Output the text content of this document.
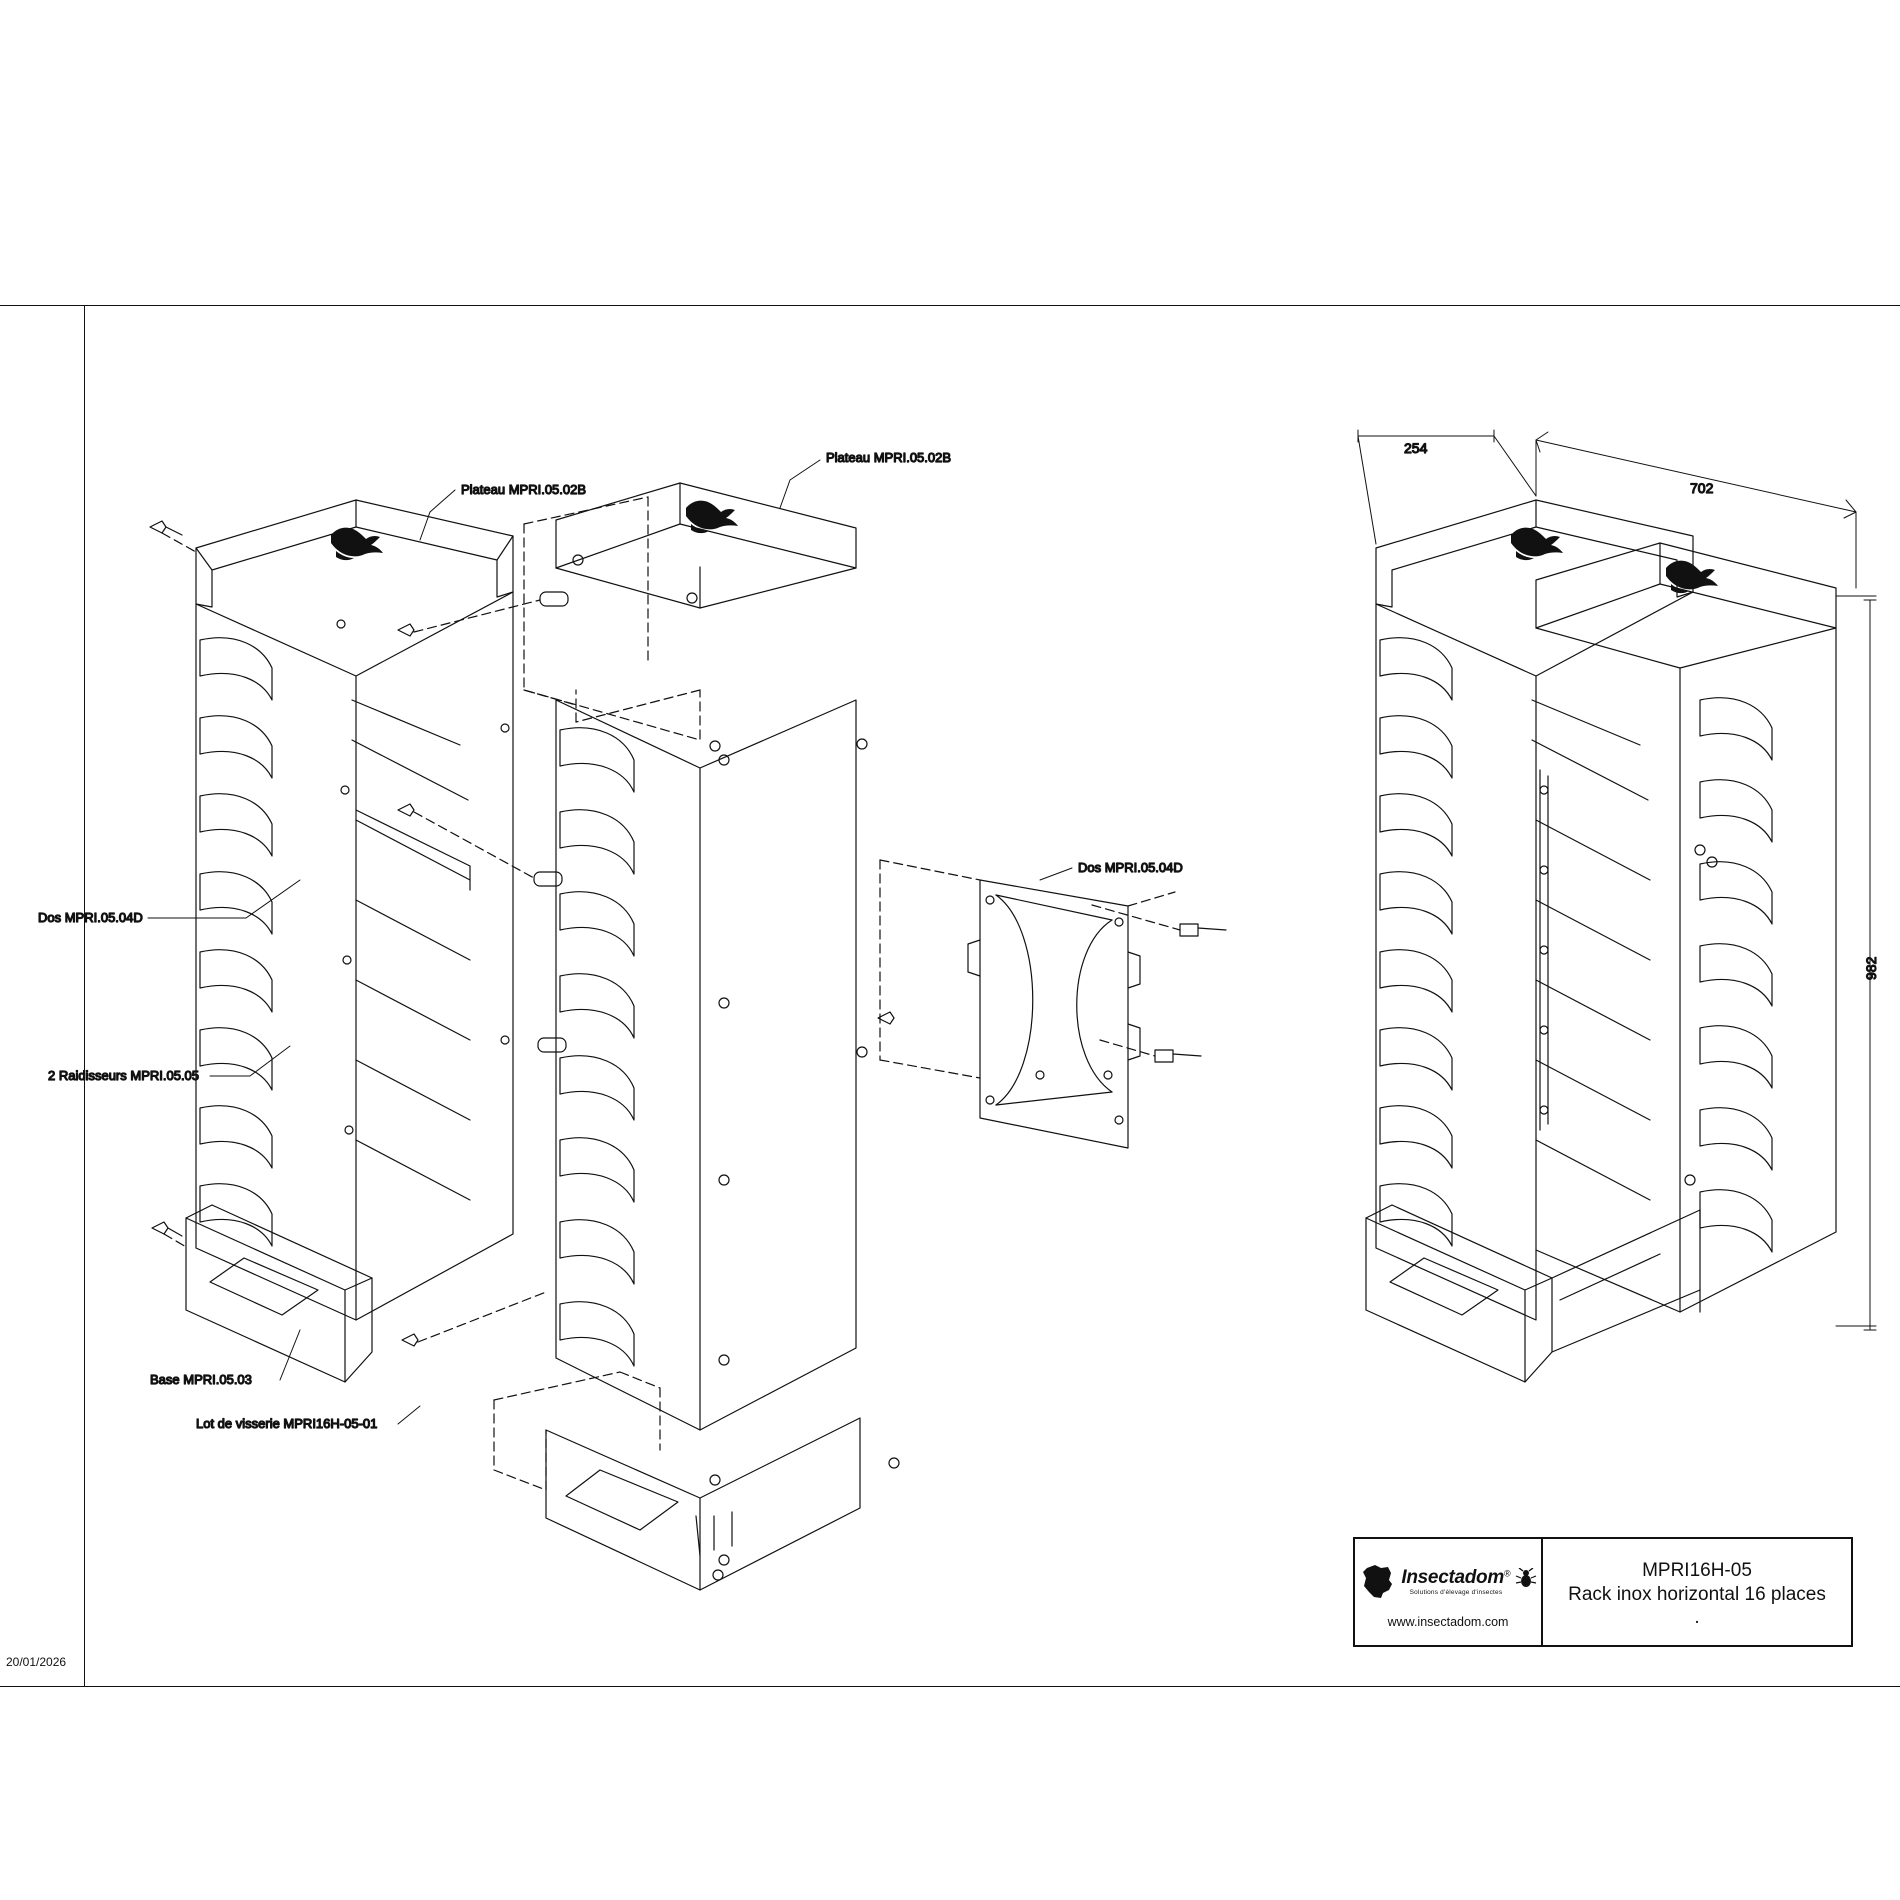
20/01/2026
Plateau MPRI.05.02B
Plateau MPRI.05.02B
Dos MPRI.05.04D
Dos MPRI.05.04D
2 Raidisseurs MPRI.05.05
Base MPRI.05.03
Lot de visserie MPRI16H-05-01
254
702
982
Insectadom®
Solutions d'élevage d'insectes
www.insectadom.com
MPRI16H-05
Rack inox horizontal 16 places
.
